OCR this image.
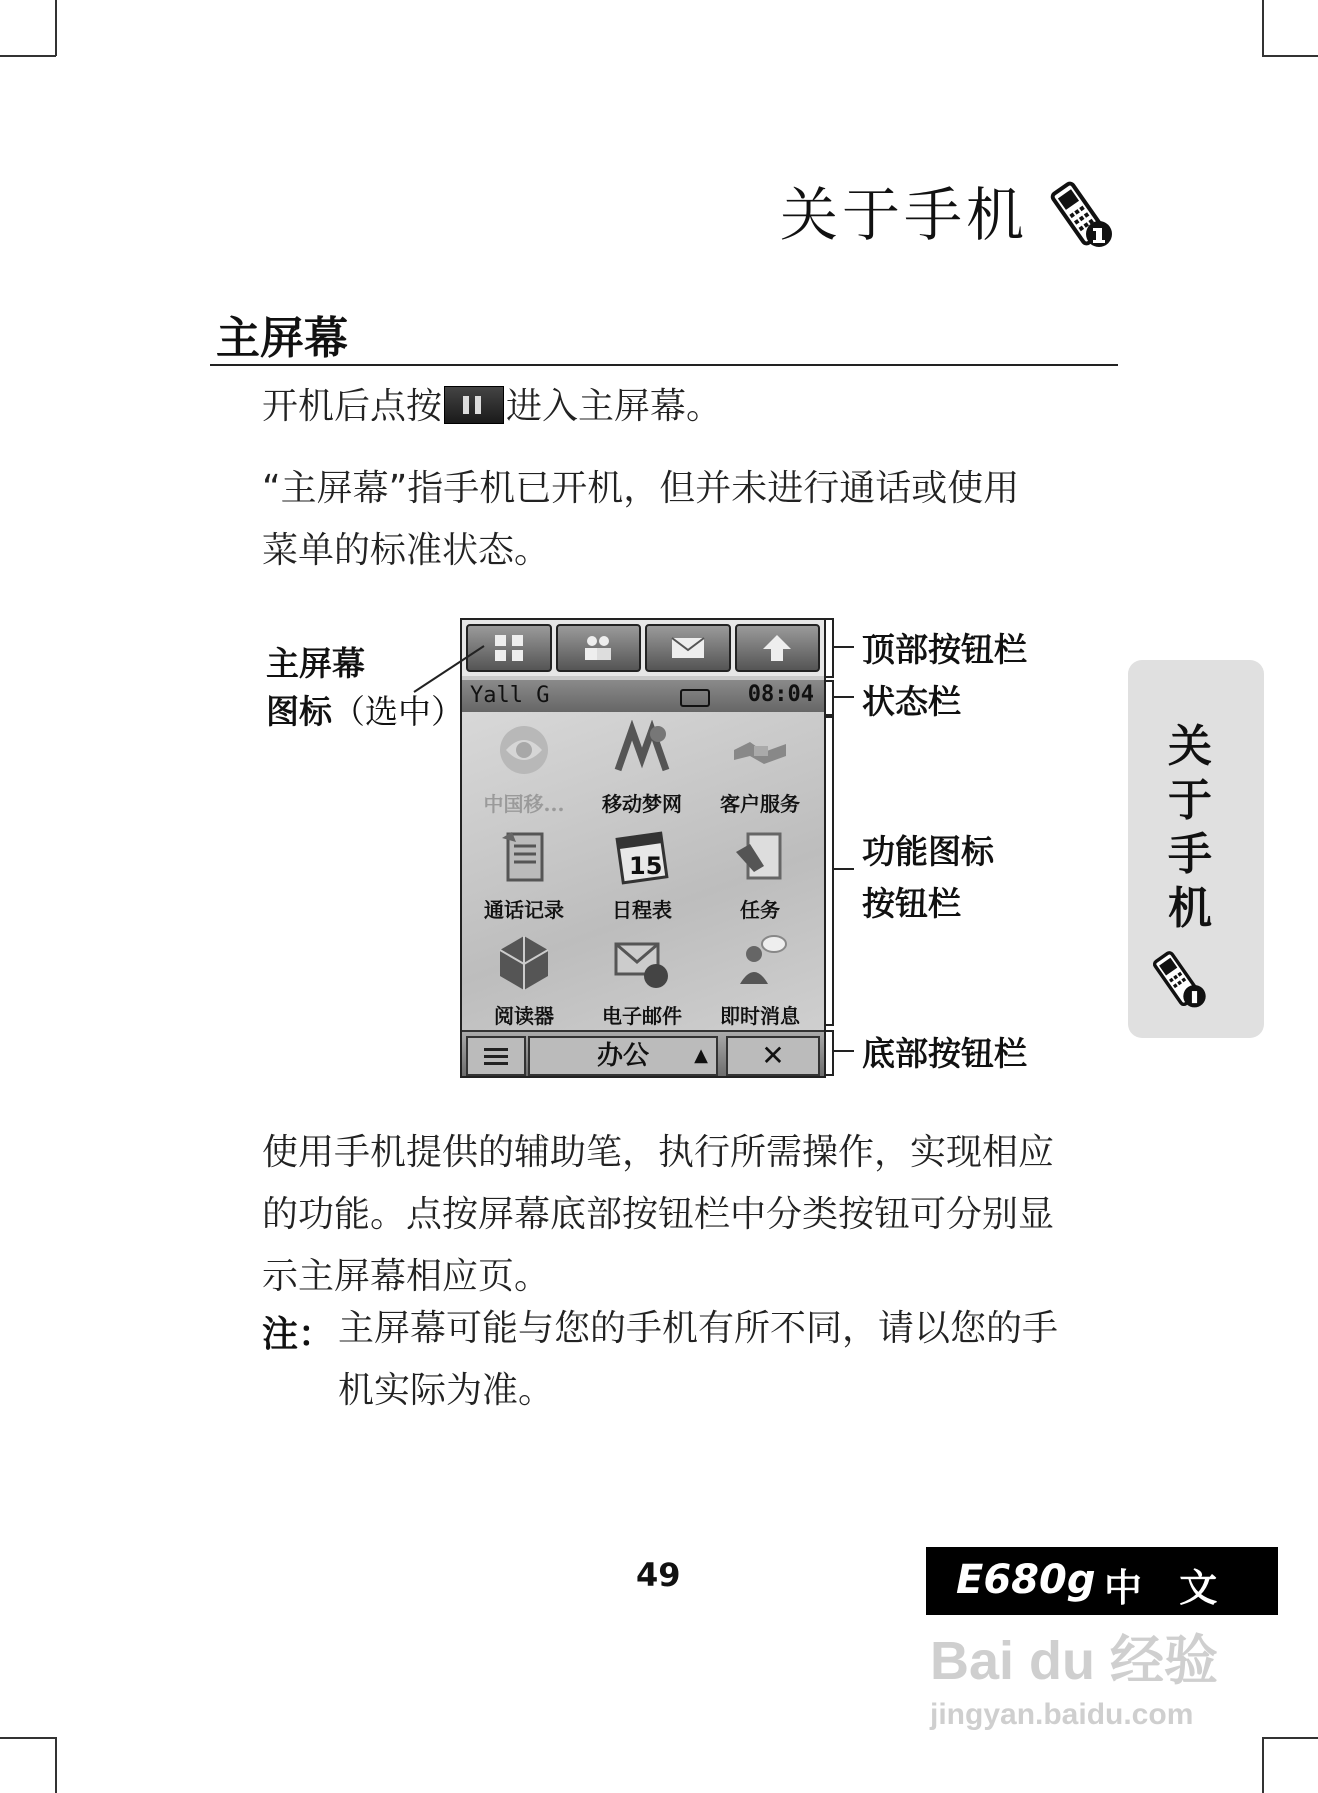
关于手机
主屏幕
开机后点按 进入主屏幕。
“主屏幕”指手机已开机，但并未进行通话或使用
菜单的标准状态。
Yall G	08:04
中国移...	移动梦网	客户服务
通话记录
15
日程表	任务
阅读器	电子邮件	即时消息
办公	▲	✕
主屏幕
图标（选中）
顶部按钮栏
状态栏
功能图标
按钮栏
底部按钮栏
使用手机提供的辅助笔，执行所需操作，实现相应
的功能。点按屏幕底部按钮栏中分类按钮可分别显
示主屏幕相应页。
注： 主屏幕可能与您的手机有所不同，请以您的手
机实际为准。
关
于
手
机
49	E680g 中 文
Bai du 经验
jingyan.baidu.com
